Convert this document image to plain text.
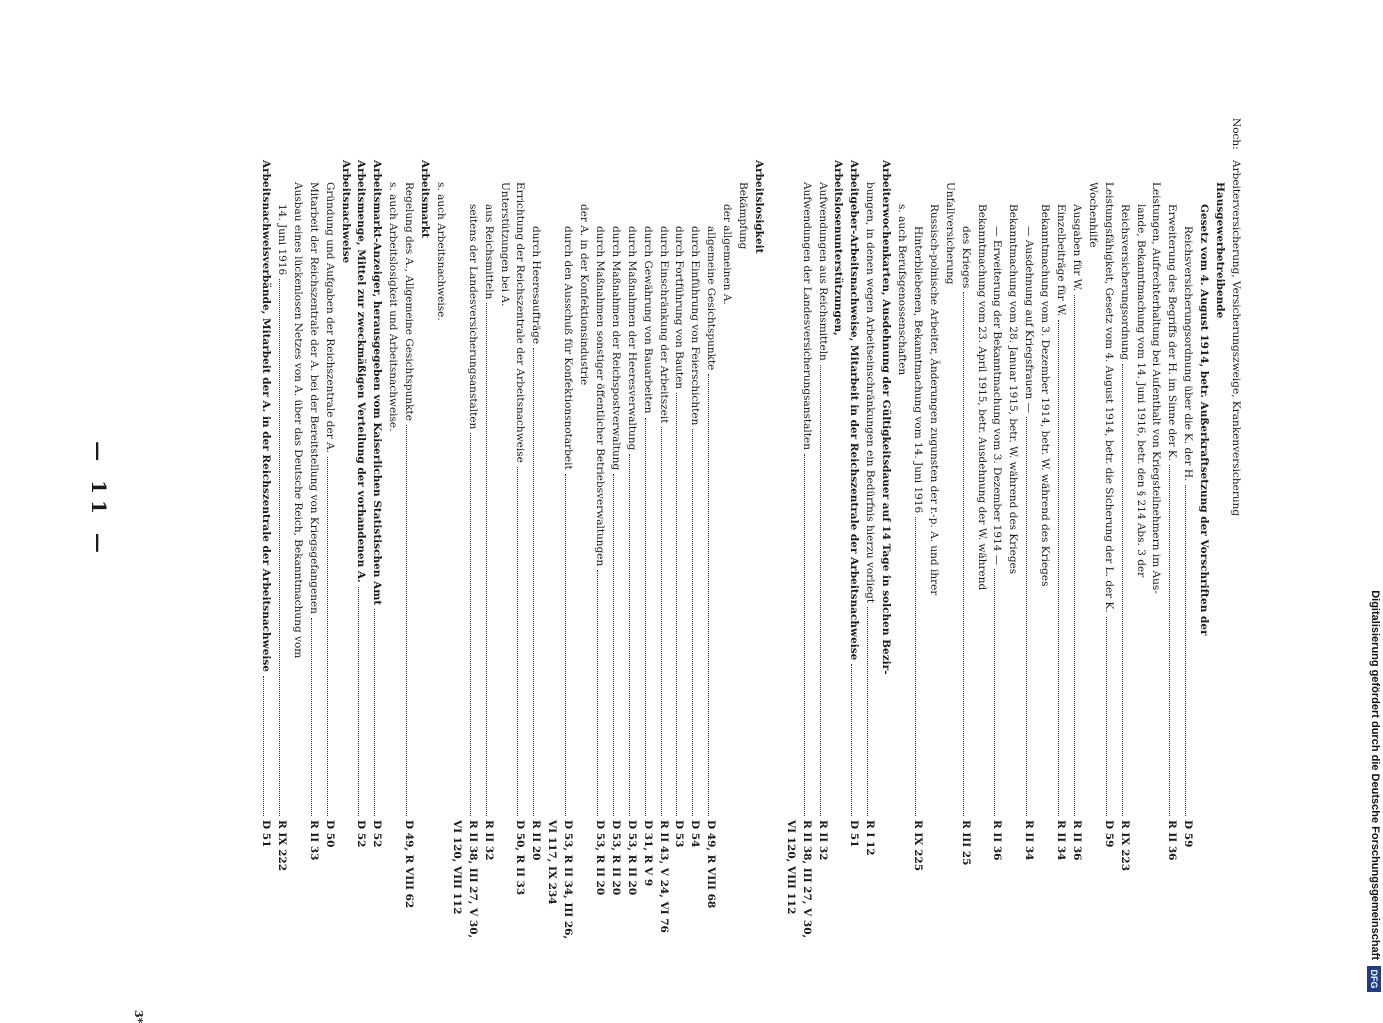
— 11 —	Arbeiterversicherung, Versicherungszweige, Krankenversicherung
Hausgewerbetreibende
Gesetz vom 4. August 1914, betr. Außerkraftsetzung der Vorschriften der
Reichsversicherungsordnung über die K. der H.
D 59
Erweiterung des Begriffs der H. im Sinne der K.
R II 36
Leistungen, Aufrechterhaltung bei Aufenthalt von Kriegsteilnehmern im Aus-
lande, Bekanntmachung vom 14. Juni 1916, betr. den § 214 Abs. 3 der
Reichsversicherungsordnung
R IX 223
Leistungsfähigkeit, Gesetz vom 4. August 1914, betr. die Sicherung der L. der K.
D 59
Wochenhilfe
Ausgaben für W.
R II 36
Einzelbeiträge für W.
R II 34
Bekanntmachung vom 3. Dezember 1914, betr. W. während des Krieges
— Ausdehnung auf Kriegsfrauen —
R II 34
Bekanntmachung vom 28. Januar 1915, betr. W. während des Krieges
— Erweiterung der Bekanntmachung vom 3. Dezember 1914 —
R II 36
Bekanntmachung vom 23. April 1915, betr. Ausdehnung der W. während
des Krieges
R III 25
Unfallversicherung
Russisch-polnische Arbeiter, Änderungen zugunsten der r.-p. A. und ihrer
Hinterbliebenen, Bekanntmachung vom 14. Juni 1916
R IX 225
s. auch Berufsgenossenschaften
Arbeiterwochenkarten, Ausdehnung der Gültigkeitsdauer auf 14 Tage in solchen Bezir-
bungen, in denen wegen Arbeitseinschränkungen ein Bedürfnis hierzu vorliegt
R I 12
Arbeitgeber-Arbeitsnachweise, Mitarbeit in der Reichszentrale der Arbeitsnachweise
D 51
Arbeitslosenunterstützungen,
Aufwendungen aus Reichsmitteln
R II 32
Aufwendungen der Landesversicherungsanstalten
R II 38, III 27, V 30,
VI 120, VIII 112
Arbeitslosigkeit
Bekämpfung
der allgemeinen A.
allgemeine Gesichtspunkte
D 49, R VIII 68
durch Einführung von Feierschichten
D 54
durch Fortführung von Bauten
D 53
durch Einschränkung der Arbeitszeit
R II 43, V 24, VI 76
durch Gewährung von Bauarbeiten
D 31, R V 9
durch Maßnahmen der Heeresverwaltung
D 53, R II 20
durch Maßnahmen der Reichspostverwaltung
D 53, R II 20
durch Maßnahmen sonstiger öffentlicher Betriebsverwaltungen
D 53, R II 20
der A. in der Konfektionsindustrie
durch den Ausschuß für Konfektionsnotarbeit
D 53, R II 34, III 26,
VI 117, IX 234
durch Heeresaufträge
R II 20
Errichtung der Reichszentrale der Arbeitsnachweise
D 50, R II 33
Unterstützungen bei A.
aus Reichsmitteln
R II 32
seitens der Landesversicherungsanstalten
R II 38, III 27, V 30,
VI 120, VIII 112
s. auch Arbeitsnachweise.
Arbeitsmarkt
Regelung des A., Allgemeine Gesichtspunkte
D 49, R VIII 62
s. auch Arbeitslosigkeit und Arbeitsnachweise.
Arbeitsmarkt-Anzeiger, herausgegeben vom Kaiserlichen Statistischen Amt
D 52
Arbeitsmenge, Mittel zur zweckmäßigen Verteilung der vorhandenen A.
D 52
Arbeitsnachweise
Gründung und Aufgaben der Reichszentrale der A.
D 50
Mitarbeit der Reichszentrale der A. bei der Bereitstellung von Kriegsgefangenen
R II 33
Ausbau eines lückenlosen Netzes von A. über das Deutsche Reich, Bekanntmachung vom
14. Juni 1916
R IX 222
Arbeitsnachweisverbände, Mitarbeit der A. in der Reichszentrale der Arbeitsnachweise
D 51
3*
Digitalisierung gefördert durch die Deutsche Forschungsgemeinschaft
DFG
Noch:
